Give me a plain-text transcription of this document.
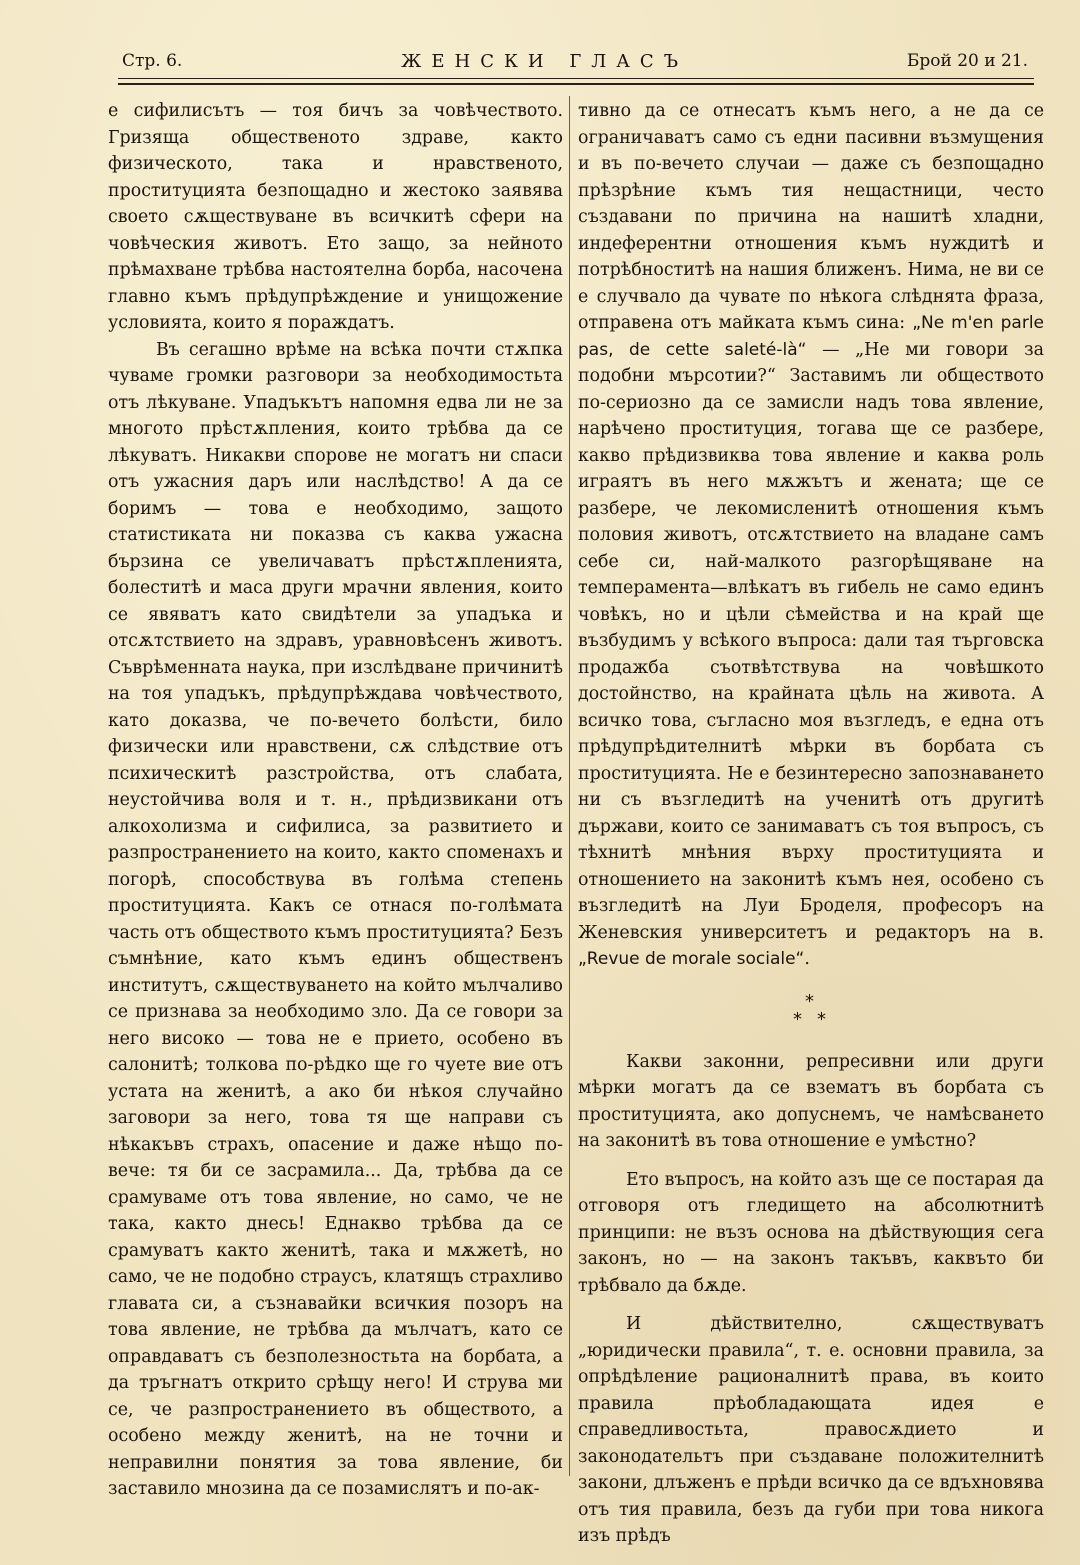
Стр. 6.	ЖЕНСКИ ГЛАСЪ	Брой 20 и 21.

е сифилисътъ — тоя бичъ за човѣчеството. Гризяща общественото здраве, както физическото, така и нравственото, проституцията безпощадно и жестоко заявява своето сѫществуване въ всичкитѣ сфери на човѣческия животъ. Ето защо, за нейното прѣмахване трѣбва настоятелна борба, насочена главно къмъ прѣдупрѣждение и унищожение условията, които я пораждатъ.

Въ сегашно врѣме на всѣка почти стѫпка чуваме громки разговори за необходимостьта отъ лѣкуване. Упадъкътъ напомня едва ли не за многото прѣстѫпления, които трѣбва да се лѣкуватъ. Никакви спорове не могатъ ни спаси отъ ужасния даръ или наслѣдство! А да се боримъ — това е необходимо, защото статистиката ни показва съ каква ужасна бързина се увеличаватъ прѣстѫпленията, болеститѣ и маса други мрачни явления, които се явяватъ като свидѣтели за упадъка и отсѫтствието на здравъ, уравновѣсенъ животъ. Съврѣменната наука, при изслѣдване причинитѣ на тоя упадъкъ, прѣдупрѣждава човѣчеството, като доказва, че по-вечето болѣсти, било физически или нравствени, сѫ слѣдствие отъ психическитѣ разстройства, отъ слабата, неустойчива воля и т. н., прѣдизвикани отъ алкохолизма и сифилиса, за развитието и разпространението на които, както споменахъ и погорѣ, способствува въ голѣма степень проституцията. Какъ се отнася по-голѣмата часть отъ обществото къмъ проституцията? Безъ съмнѣние, като къмъ единъ общественъ институтъ, сѫществуването на който мълчаливо се признава за необходимо зло. Да се говори за него високо — това не е прието, особено въ салонитѣ; толкова по-рѣдко ще го чуете вие отъ устата на женитѣ, а ако би нѣкоя случайно заговори за него, това тя ще направи съ нѣкакъвъ страхъ, опасение и даже нѣщо по-вече: тя би се засрамила... Да, трѣбва да се срамуваме отъ това явление, но само, че не така, както днесь! Еднакво трѣбва да се срамуватъ както женитѣ, така и мѫжетѣ, но само, че не подобно страусъ, клатящъ страхливо главата си, а съзнавайки всичкия позоръ на това явление, не трѣбва да мълчатъ, като се оправдаватъ съ безполезностьта на борбата, а да тръгнатъ открито срѣщу него! И струва ми се, че разпространението въ обществото, а особено между женитѣ, на не точни и неправилни понятия за това явление, би заставило мнозина да се позамислятъ и по-ак-

тивно да се отнесатъ къмъ него, а не да се ограничаватъ само съ едни пасивни възмущения и въ по-вечето случаи — даже съ безпощадно прѣзрѣние къмъ тия нещастници, често създавани по причина на нашитѣ хладни, индеферентни отношения къмъ нуждитѣ и потрѣбноститѣ на нашия ближенъ. Нима, не ви се е случвало да чувате по нѣкога слѣднята фраза, отправена отъ майката къмъ сина: „Ne m'en parle pas, de cette saleté-là“ — „Не ми говори за подобни мърсотии?“ Заставимъ ли обществото по-сериозно да се замисли надъ това явление, нарѣчено проституция, тогава ще се разбере, какво прѣдизвиква това явление и каква роль играятъ въ него мѫжътъ и жената; ще се разбере, че лекомисленитѣ отношения къмъ половия животъ, отсѫтствието на владане самъ себе си, най-малкото разгорѣщяване на темперамента—влѣкатъ въ гибель не само единъ човѣкъ, но и цѣли сѣмейства и на край ще възбудимъ у всѣкого въпроса: дали тая търговска продажба съотвѣтствува на човѣшкото достойнство, на крайната цѣль на живота. А всичко това, съгласно моя възгледъ, е една отъ прѣдупрѣдителнитѣ мѣрки въ борбата съ проституцията. Не е безинтересно запознаването ни съ възгледитѣ на ученитѣ отъ другитѣ държави, които се занимаватъ съ тоя въпросъ, съ тѣхнитѣ мнѣния върху проституцията и отношението на законитѣ къмъ нея, особено съ възгледитѣ на Луи Броделя, професоръ на Женевския университетъ и редакторъ на в. „Revue de morale sociale“.

*
* *

Какви законни, репресивни или други мѣрки могатъ да се взематъ въ борбата съ проституцията, ако допуснемъ, че намѣсването на законитѣ въ това отношение е умѣстно?

Ето въпросъ, на който азъ ще се постарая да отговоря отъ гледището на абсолютнитѣ принципи: не възъ основа на дѣйствующия сега законъ, но — на законъ такъвъ, каквъто би трѣбвало да бѫде.

И дѣйствително, сѫществуватъ „юридически правила“, т. е. основни правила, за опрѣдѣление рационалнитѣ права, въ които правила прѣобладающата идея е справедливостьта, правосѫдието и законодательтъ при създаване положителнитѣ закони, длъженъ е прѣди всичко да се вдъхновява отъ тия правила, безъ да губи при това никога изъ прѣдъ
